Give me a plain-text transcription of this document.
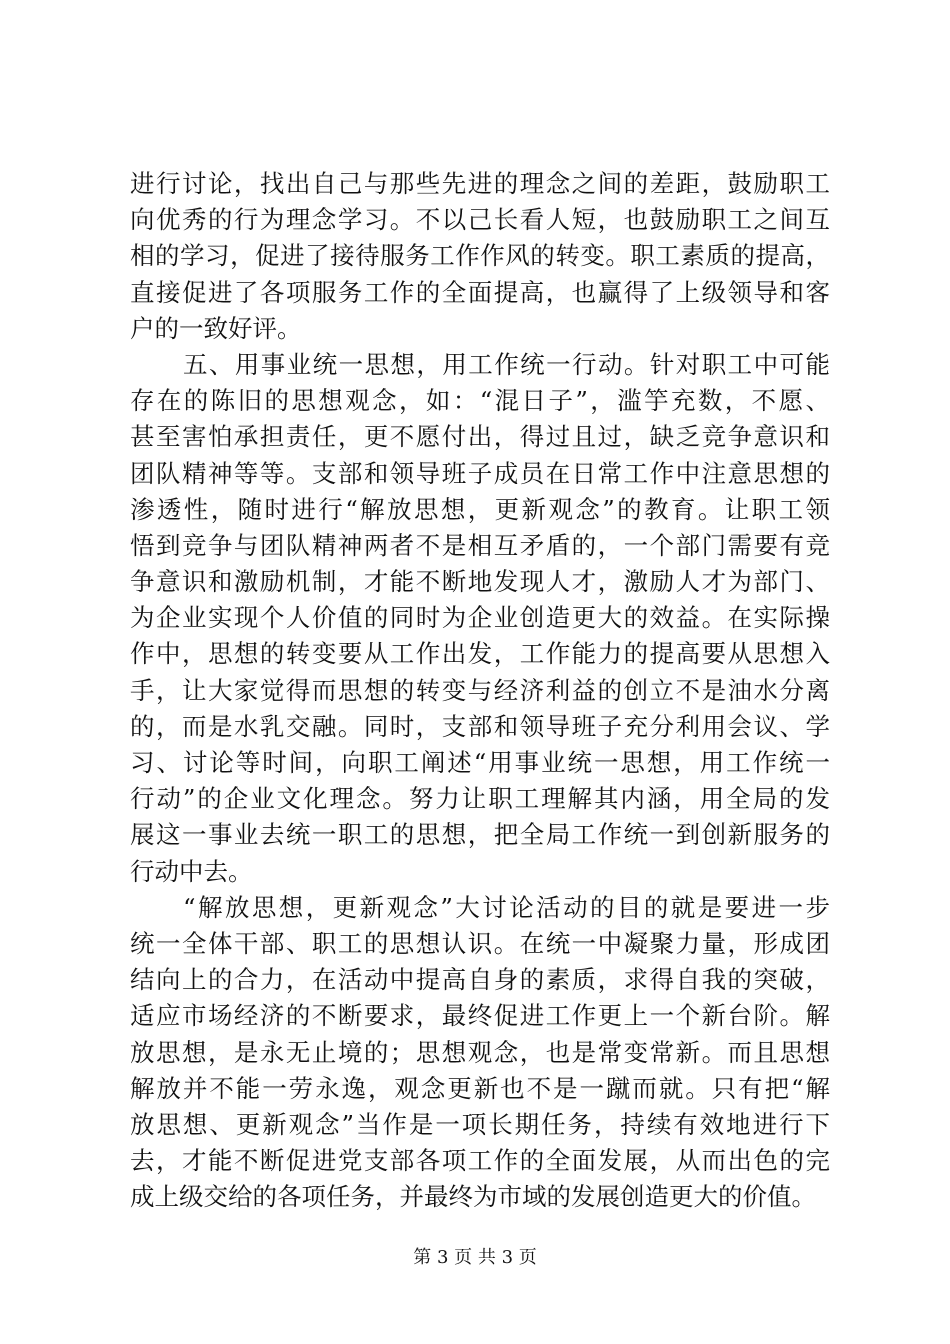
进行讨论，找出自己与那些先进的理念之间的差距，鼓励职工
向优秀的行为理念学习。不以己长看人短，也鼓励职工之间互
相的学习，促进了接待服务工作作风的转变。职工素质的提高，
直接促进了各项服务工作的全面提高，也赢得了上级领导和客
户的一致好评。
五、用事业统一思想，用工作统一行动。针对职工中可能
存在的陈旧的思想观念，如：“混日子”，滥竽充数，不愿、
甚至害怕承担责任，更不愿付出，得过且过，缺乏竞争意识和
团队精神等等。支部和领导班子成员在日常工作中注意思想的
渗透性，随时进行“解放思想，更新观念”的教育。让职工领
悟到竞争与团队精神两者不是相互矛盾的，一个部门需要有竞
争意识和激励机制，才能不断地发现人才，激励人才为部门、
为企业实现个人价值的同时为企业创造更大的效益。在实际操
作中，思想的转变要从工作出发，工作能力的提高要从思想入
手，让大家觉得而思想的转变与经济利益的创立不是油水分离
的，而是水乳交融。同时，支部和领导班子充分利用会议、学
习、讨论等时间，向职工阐述“用事业统一思想，用工作统一
行动”的企业文化理念。努力让职工理解其内涵，用全局的发
展这一事业去统一职工的思想，把全局工作统一到创新服务的
行动中去。
“解放思想，更新观念”大讨论活动的目的就是要进一步
统一全体干部、职工的思想认识。在统一中凝聚力量，形成团
结向上的合力，在活动中提高自身的素质，求得自我的突破，
适应市场经济的不断要求，最终促进工作更上一个新台阶。解
放思想，是永无止境的；思想观念，也是常变常新。而且思想
解放并不能一劳永逸，观念更新也不是一蹴而就。只有把“解
放思想、更新观念”当作是一项长期任务，持续有效地进行下
去，才能不断促进党支部各项工作的全面发展，从而出色的完
成上级交给的各项任务，并最终为市域的发展创造更大的价值。
第 3 页 共 3 页
